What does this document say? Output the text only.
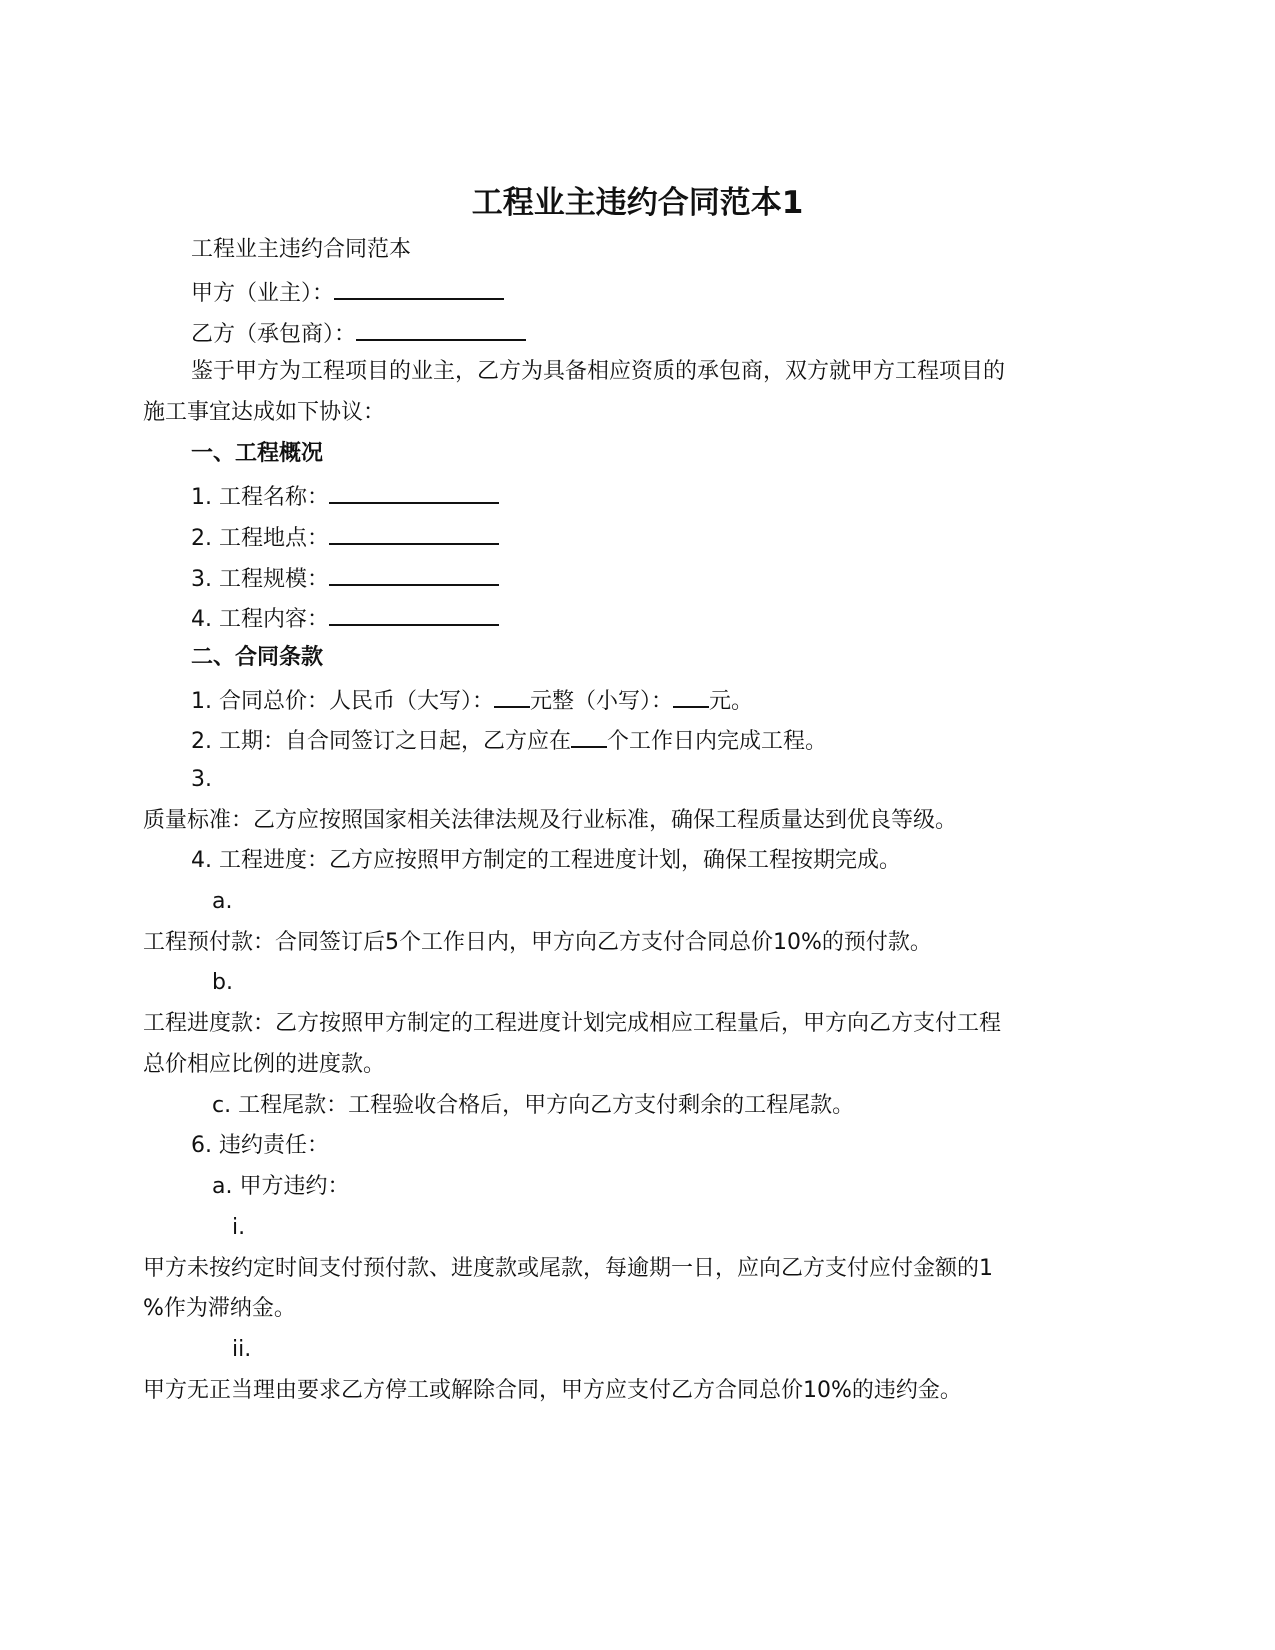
工程业主违约合同范本1
工程业主违约合同范本
甲方（业主）：
乙方（承包商）：
鉴于甲方为工程项目的业主，乙方为具备相应资质的承包商，双方就甲方工程项目的
施工事宜达成如下协议：
一、工程概况
1. 工程名称：
2. 工程地点：
3. 工程规模：
4. 工程内容：
二、合同条款
1. 合同总价：人民币（大写）： 元整（小写）： 元。
2. 工期：自合同签订之日起，乙方应在 个工作日内完成工程。
3.
质量标准：乙方应按照国家相关法律法规及行业标准，确保工程质量达到优良等级。
4. 工程进度：乙方应按照甲方制定的工程进度计划，确保工程按期完成。
a.
工程预付款：合同签订后5个工作日内，甲方向乙方支付合同总价10%的预付款。
b.
工程进度款：乙方按照甲方制定的工程进度计划完成相应工程量后，甲方向乙方支付工程
总价相应比例的进度款。
c. 工程尾款：工程验收合格后，甲方向乙方支付剩余的工程尾款。
6. 违约责任：
a. 甲方违约：
i.
甲方未按约定时间支付预付款、进度款或尾款，每逾期一日，应向乙方支付应付金额的1
%作为滞纳金。
ii.
甲方无正当理由要求乙方停工或解除合同，甲方应支付乙方合同总价10%的违约金。
